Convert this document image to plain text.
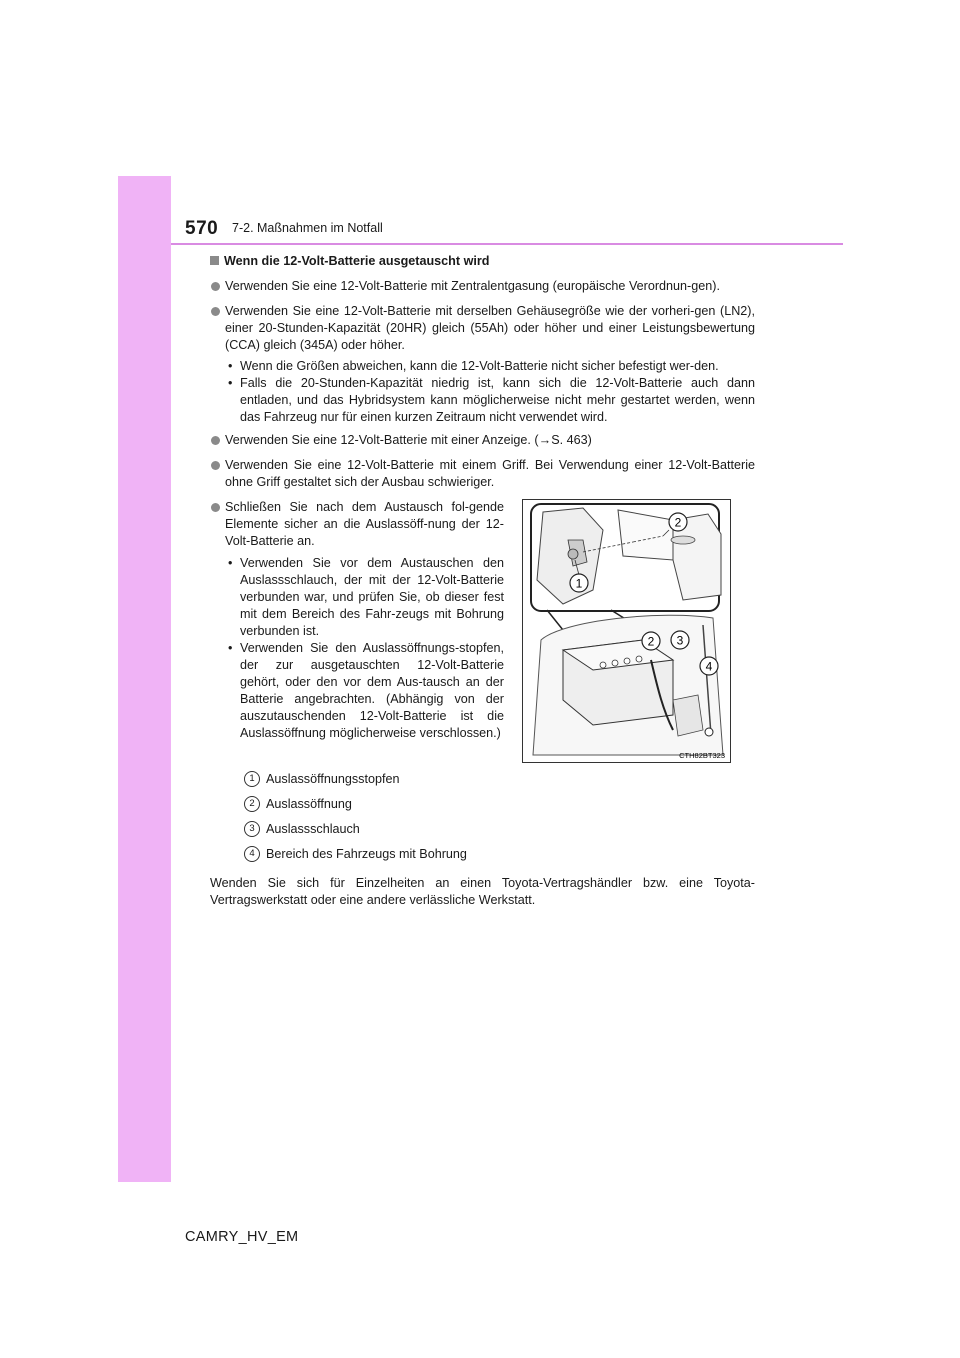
570 7-2. Maßnahmen im Notfall
Wenn die 12-Volt-Batterie ausgetauscht wird
Verwenden Sie eine 12-Volt-Batterie mit Zentralentgasung (europäische Verordnun-gen).
Verwenden Sie eine 12-Volt-Batterie mit derselben Gehäusegröße wie der vorheri-gen (LN2), einer 20-Stunden-Kapazität (20HR) gleich (55Ah) oder höher und einer Leistungsbewertung (CCA) gleich (345A) oder höher.
• Wenn die Größen abweichen, kann die 12-Volt-Batterie nicht sicher befestigt wer-den.
• Falls die 20-Stunden-Kapazität niedrig ist, kann sich die 12-Volt-Batterie auch dann entladen, und das Hybridsystem kann möglicherweise nicht mehr gestartet werden, wenn das Fahrzeug nur für einen kurzen Zeitraum nicht verwendet wird.
Verwenden Sie eine 12-Volt-Batterie mit einer Anzeige. (→S. 463)
Verwenden Sie eine 12-Volt-Batterie mit einem Griff. Bei Verwendung einer 12-Volt-Batterie ohne Griff gestaltet sich der Ausbau schwieriger.
Schließen Sie nach dem Austausch fol-gende Elemente sicher an die Auslassöff-nung der 12-Volt-Batterie an.
• Verwenden Sie vor dem Austauschen den Auslassschlauch, der mit der 12-Volt-Batterie verbunden war, und prüfen Sie, ob dieser fest mit dem Bereich des Fahr-zeugs mit Bohrung verbunden ist.
• Verwenden Sie den Auslassöffnungs-stopfen, der zur ausgetauschten 12-Volt-Batterie gehört, oder den vor dem Aus-tausch an der Batterie angebrachten. (Abhängig von der auszutauschenden 12-Volt-Batterie ist die Auslassöffnung möglicherweise verschlossen.)
2
1
2 3
4
CTH82BT323
1 Auslassöffnungsstopfen
2 Auslassöffnung
3 Auslassschlauch
4 Bereich des Fahrzeugs mit Bohrung
Wenden Sie sich für Einzelheiten an einen Toyota-Vertragshändler bzw. eine Toyota-Vertragswerkstatt oder eine andere verlässliche Werkstatt.
CAMRY_HV_EM
